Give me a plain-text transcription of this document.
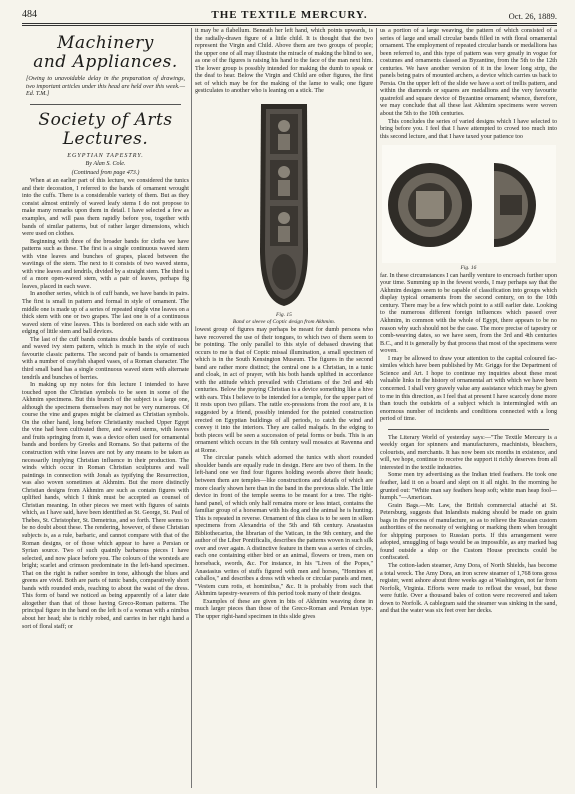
484	THE TEXTILE MERCURY.	Oct. 26, 1889.
Machinery
and Appliances.

[Owing to unavoidable delay in the preparation of drawings, two important articles under this head are held over this week.—Ed. T.M.]

Society of Arts
Lectures.
EGYPTIAN TAPESTRY.
By Alan S. Cole.
(Continued from page 473.)

When at an earlier part of this lecture, we considered the tunics and their decoration, I referred to the bands of ornament wrought into the cuffs. There is a considerable variety of them. But as they consist almost entirely of waved leafy stems I do not propose to make many remarks upon them in detail. I have selected a few as examples, and will pass them rapidly before you, together with bands of similar patterns, but of rather larger dimensions, which were used on clothes.

Beginning with three of the broader bands for cloths we have patterns such as these. The first is a single continuous waved stem with vine leaves and bunches of grapes, placed between the waviings of the stem. The next to it consists of two waved stems, with vine leaves and tendrils, divided by a straight stem. The third is of a more open-waved stem, with a pair of leaves, perhaps fig leaves, placed in each wave.

In another series, which is of cuff bands, we have bands in pairs. The first is small in pattern and formal in style of ornament. The middle one is made up of a series of repeated single vine leaves on a thick stem with one or two grapes. The last one is of a continuous waved stem of vine leaves. This is bordered on each side with an edging of little stem and ball devices.

The last of the cuff bands contains double bands of continuous and waved ivy stem pattern, which is much in the style of such favourite classic patterns. The second pair of bands is ornamented with a number of crayfish shaped vases, of a Roman character. The third small band has a single continuous waved stem with alternate tendrils and bunches of berries.

In making up my notes for this lecture I intended to have touched upon the Christian symbols to be seen in some of the Akhmim specimens. But this branch of the subject is a large one, although the specimens themselves may not be very numerous. Of course the vine and grapes might be claimed as Christian symbols. On the other hand, long before Christianity reached Upper Egypt the vine had been cultivated there, and waved stems, with leaves and fruits springing from it, was a device often used for ornamental bands and borders by Greeks and Romans. So that patterns of the construction with vine leaves are not by any means to be taken as necessarily implying Christian influence in their production. The winds which occur in Roman Christian sculptures and wall paintings in connection with Jonah as typifying the Resurrection, was also woven sometimes at Akhmim. But the more distinctly Christian designs from Akhmim are such as contain figures with uplifted hands, which I think must be accepted as counsel of Christian meaning. In other pieces we meet with figures of saints which, as I have said, have been identified as St. George, St. Paul of Thebes, St. Christopher, St. Demetrius, and so forth. There seems to be no doubt about these. The rendering, however, of these Christian subjects is, as a rule, barbaric, and cannot compare with that of the Roman designs, or of those which appear to have a Persian or Syrian source. Two of such quaintly barbarous pieces I have selected, and now place before you. The colours of the worsteds are bright; scarlet and crimson predominate in the left-hand specimen. That on the right is rather sombre in tone, although the blues and greens are vivid. Both are parts of tunic bands, comparatively short bands with rounded ends, reaching to about the waist of the dress. This form of band we noticed as being apparently of a later date altogether than that of those having Greco-Roman patterns. The principal figure in the band on the left is of a woman with a nimbus about her head; she is richly robed, and carries in her right hand a sort of floral staff; or

it may be a flabellum. Beneath her left hand, which points upwards, is the radially-drawn figure of a little child. It is thought that the two represent the Virgin and Child. Above them are two groups of people; the upper one of all may illustrate the miracle of making the blind to see, as one of the figures is raising his hand to the face of the man next him. The lower group is possibly intended for making the dumb to speak or the deaf to hear. Below the Virgin and Child are other figures, the first set of which may be for the making of the lame to walk; one figure gesticulates to another who is leaning on a stick. The

Fig. 15
Band or sleeve of Coptic design from Akhmim.

lowest group of figures may perhaps be meant for dumb persons who have recovered the use of their tongues, to which two of them seem to be pointing. The only parallel to this style of debased drawing that occurs to me is that of Coptic missal illumination, a small specimen of which is in the South Kensington Museum. The figures in the second band are rather more distinct; the central one is a Christian, in a tunic and cloak, in act of prayer, with his both hands uplifted in accordance with the attitude which prevailed with Christians of the 3rd and 4th centuries. Below the praying Christian is a device something like a hive with ears. This I believe to be intended for a temple, for the upper part of it rests upon two pillars. The rattle ex-pressions from the roof are, it is suggested by a friend, possibly intended for the pointed construction erected on Egyptian buildings of all periods, to catch the wind and convey it into the interiors. They are called malqafs. In the edging to both pieces will be seen a succession of petal forms or buds. This is an ornament which occurs in the 6th century wall mosaics at Ravenna and at Rome.

The circular panels which adorned the tunics with short rounded shoulder bands are equally rude in design. Here are two of them. In the left-hand one we find four figures holding swords above their heads; between them are temples—like constructions and details of which are more clearly shown here than in the band in the previous slide. The little device in front of the temple seems to be meant for a tree. The right-hand panel, of which only half remains more or less intact, contains the familiar group of a horseman with his dog and the animal he is hunting. This is repeated in reverse. Ornament of this class is to be seen in silken specimens from Alexandria of the 5th and 6th century. Anastasius Bibliothecarius, the librarian of the Vatican, in the 9th century, and the author of the Liber Pontificalis, describes the patterns woven in such silk over and over again. A distinctive feature in them was a series of circles, each one containing either bird or an animal, flowers or trees, men on horseback, swords, &c. For instance, in his "Lives of the Popes," Anastasius writes of stuffs figured with men and horses, "Homines et caballos," and describes a dress with wheels or circular panels and men, "Vestem cum rotis, et hominibus," &c. It is probably from such that Akhmim tapestry-weavers of this period took many of their designs.

Examples of these are given in bits of Akhmim weaving done in much larger pieces than those of the Greco-Roman and Persian type. The upper right-hand specimen in this slide gives

us a portion of a large weaving, the pattern of which consisted of a series of large and small circular bands filled in with floral ornamental ornament. The employment of repeated circular bands or medallions has been referred to, and this type of pattern was very greatly in vogue for costumes and ornaments classed as Byzantine, from the 5th to the 12th centuries. We have another version of it in the lower long strip, the panels being pairs of mounted archers, a device which carries us back to Persia. On the upper left of the slide we have a sort of trellis pattern, and within the diamonds or squares are medallions and the very favourite quatrefoil and square device of Byzantine ornament; whence, therefore, we may conclude that all these last Akhmim specimens were woven about the 5th to the 10th centuries.

This concludes the series of varied designs which I have selected to bring before you. I feel that I have attempted to crowd too much into this second lecture, and that I have taxed your patience too

Fig. 16

far. In these circumstances I can hardly venture to encroach further upon your time. Summing up in the fewest words, I may perhaps say that the Akhmim designs seem to be capable of classification into groups which display typical ornaments from the second century, on to the 10th century. There may be a few which point to a still earlier date. Looking to the numerous different foreign influences which passed over Akhmim, in common with the whole of Egypt, there appears to be no reason why such should not be the case. The more precise of tapestry or comb-weaving dates, so we have seen, from the 3rd and 4th centuries B.C., and it is generally by that process that most of the specimens were woven.

I may be allowed to draw your attention to the capital coloured fac-similes which have been published by Mr. Griggs for the Department of Science and Art. I hope to continue my inquiries about these most valuable links in the history of ornamental art with which we have been concerned. I shall very gravely value any assistance which may be given to me in this direction, as I feel that at present I have scarcely done more than touch the outskirts of a subject which is intermingled with an enormous number of incidents and conditions connected with a long period of time.

The Literary World of yesterday says:—"The Textile Mercury is a weekly organ for spinners and manufacturers, machinists, bleachers, colourists, and merchants. It has now been six months in existence, and will, we hope, continue to receive the support it richly deserves from all interested in the textile industries.

Some men try advertising as the Indian tried feathers. He took one feather, laid it on a board and slept on it all night. In the morning he grunted out: "White man say feathers heap soft; white man heap fool—humph."—American.

Grain Bags.—Mr. Law, the British commercial attaché at St. Petersburg, suggests that Inlandists making should be made on grain bags in the process of manufacture, so as to relieve the Russian custom authorities of the necessity of weighing or marking them when brought for shipping purposes to Russian ports. If this arrangement were adopted, smuggling of bags would be as impossible, as any marked bag found outside a ship or the Custom House precincts could be confiscated.

The cotton-laden steamer, Amy Dora, of North Shields, has become a total wreck. The Amy Dora, an iron screw steamer of 1,768 tons gross register, went ashore about three weeks ago at Washington, not far from Norfolk, Virginia. Efforts were made to refloat the vessel, but these were futile. Over a thousand bales of cotton were recovered and taken down to Norfolk. A cablegram said the steamer was sinking in the sand, and that the water was six feet over her decks.
